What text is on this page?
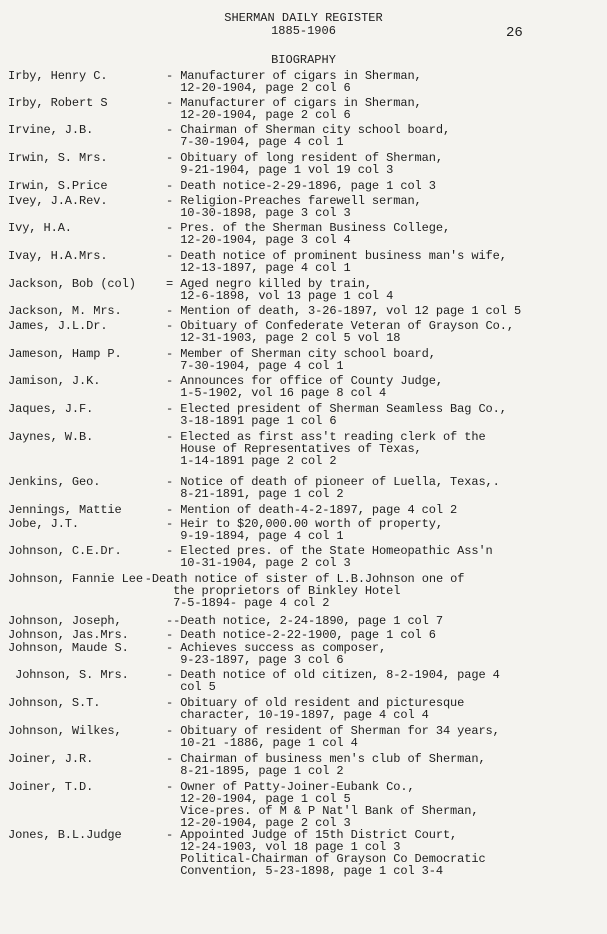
SHERMAN DAILY REGISTER
1885-1906	26
BIOGRAPHY
Irby, Henry C.	- Manufacturer of cigars in Sherman,
12-20-1904, page 2 col 6
Irby, Robert S	- Manufacturer of cigars in Sherman,
12-20-1904, page 2 col 6
Irvine, J.B.	- Chairman of Sherman city school board,
7-30-1904, page 4 col 1
Irwin, S. Mrs.	- Obituary of long resident of Sherman,
9-21-1904, page 1 vol 19 col 3
Irwin, S.Price	- Death notice-2-29-1896, page 1 col 3
Ivey, J.A.Rev.	- Religion-Preaches farewell serman,
10-30-1898, page 3 col 3
Ivy, H.A.	- Pres. of the Sherman Business College,
12-20-1904, page 3 col 4
Ivay, H.A.Mrs.	- Death notice of prominent business man's wife,
12-13-1897, page 4 col 1
Jackson, Bob (col)	= Aged negro killed by train,
12-6-1898, vol 13 page 1 col 4
Jackson, M. Mrs.	- Mention of death, 3-26-1897, vol 12 page 1 col 5
James, J.L.Dr.	- Obituary of Confederate Veteran of Grayson Co.,
12-31-1903, page 2 col 5 vol 18
Jameson, Hamp P.	- Member of Sherman city school board,
7-30-1904, page 4 col 1
Jamison, J.K.	- Announces for office of County Judge,
1-5-1902, vol 16 page 8 col 4
Jaques, J.F.	- Elected president of Sherman Seamless Bag Co.,
3-18-1891 page 1 col 6
Jaynes, W.B.	- Elected as first ass't reading clerk of the
House of Representatives of Texas,
1-14-1891 page 2 col 2
Jenkins, Geo.	- Notice of death of pioneer of Luella, Texas,.
8-21-1891, page 1 col 2
Jennings, Mattie	- Mention of death-4-2-1897, page 4 col 2
Jobe, J.T.	- Heir to $20,000.00 worth of property,
9-19-1894, page 4 col 1
Johnson, C.E.Dr.	- Elected pres. of the State Homeopathic Ass'n
10-31-1904, page 2 col 3
Johnson, Fannie Lee -Death notice of sister of L.B.Johnson one of
the proprietors of Binkley Hotel
7-5-1894- page 4 col 2
Johnson, Joseph,	--Death notice, 2-24-1890, page 1 col 7
Johnson, Jas.Mrs.	- Death notice-2-22-1900, page 1 col 6
Johnson, Maude S.	- Achieves success as composer,
9-23-1897, page 3 col 6
Johnson, S. Mrs.	- Death notice of old citizen, 8-2-1904, page 4
col 5
Johnson, S.T.	- Obituary of old resident and picturesque
character, 10-19-1897, page 4 col 4
Johnson, Wilkes,	- Obituary of resident of Sherman for 34 years,
10-21 -1886, page 1 col 4
Joiner, J.R.	- Chairman of business men's club of Sherman,
8-21-1895, page 1 col 2
Joiner, T.D.	- Owner of Patty-Joiner-Eubank Co.,
12-20-1904, page 1 col 5
Vice-pres. of M & P Nat'l Bank of Sherman,
12-20-1904, page 2 col 3
Jones, B.L.Judge	- Appointed Judge of 15th District Court,
12-24-1903, vol 18 page 1 col 3
Political-Chairman of Grayson Co Democratic
Convention, 5-23-1898, page 1 col 3-4
